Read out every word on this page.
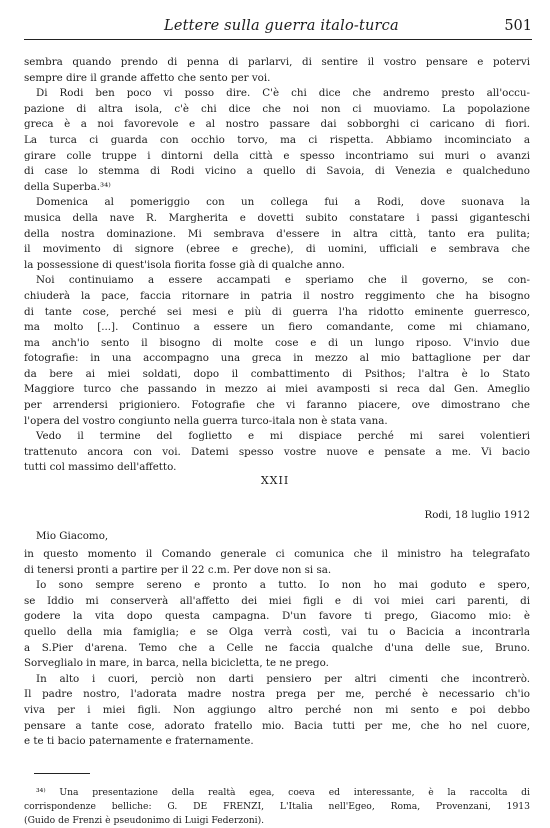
Lettere sulla guerra italo-turca	501
sembra quando prendo di penna di parlarvi, di sentire il vostro pensare e potervi
sempre dire il grande affetto che sento per voi.
Di Rodi ben poco vi posso dire. C'è chi dice che andremo presto all'occu-
pazione di altra isola, c'è chi dice che noi non ci muoviamo. La popolazione
greca è a noi favorevole e al nostro passare dai sobborghi ci caricano di fiori.
La turca ci guarda con occhio torvo, ma ci rispetta. Abbiamo incominciato a
girare colle truppe i dintorni della città e spesso incontriamo sui muri o avanzi
di case lo stemma di Rodi vicino a quello di Savoia, di Venezia e qualcheduno
della Superba.³⁴⁾
Domenica al pomeriggio con un collega fui a Rodi, dove suonava la
musica della nave R. Margherita e dovetti subito constatare i passi giganteschi
della nostra dominazione. Mi sembrava d'essere in altra città, tanto era pulita;
il movimento di signore (ebree e greche), di uomini, ufficiali e sembrava che
la possessione di quest'isola fiorita fosse già di qualche anno.
Noi continuiamo a essere accampati e speriamo che il governo, se con-
chiuderà la pace, faccia ritornare in patria il nostro reggimento che ha bisogno
di tante cose, perché sei mesi e più di guerra l'ha ridotto eminente guerresco,
ma molto [...]. Continuo a essere un fiero comandante, come mi chiamano,
ma anch'io sento il bisogno di molte cose e di un lungo riposo. V'invio due
fotografie: in una accompagno una greca in mezzo al mio battaglione per dar
da bere ai miei soldati, dopo il combattimento di Psithos; l'altra è lo Stato
Maggiore turco che passando in mezzo ai miei avamposti si reca dal Gen. Ameglio
per arrendersi prigioniero. Fotografie che vi faranno piacere, ove dimostrano che
l'opera del vostro congiunto nella guerra turco-itala non è stata vana.
Vedo il termine del foglietto e mi dispiace perché mi sarei volentieri
trattenuto ancora con voi. Datemi spesso vostre nuove e pensate a me. Vi bacio
tutti col massimo dell'affetto.
XXII
Rodi, 18 luglio 1912
Mio Giacomo,
in questo momento il Comando generale ci comunica che il ministro ha telegrafato
di tenersi pronti a partire per il 22 c.m. Per dove non si sa.
Io sono sempre sereno e pronto a tutto. Io non ho mai goduto e spero,
se Iddio mi conserverà all'affetto dei miei figli e di voi miei cari parenti, di
godere la vita dopo questa campagna. D'un favore ti prego, Giacomo mio: è
quello della mia famiglia; e se Olga verrà costì, vai tu o Bacicia a incontrarla
a S.Pier d'arena. Temo che a Celle ne faccia qualche d'una delle sue, Bruno.
Sorveglialo in mare, in barca, nella bicicletta, te ne prego.
In alto i cuori, perciò non darti pensiero per altri cimenti che incontrerò.
Il padre nostro, l'adorata madre nostra prega per me, perché è necessario ch'io
viva per i miei figli. Non aggiungo altro perché non mi sento e poi debbo
pensare a tante cose, adorato fratello mio. Bacia tutti per me, che ho nel cuore,
e te ti bacio paternamente e fraternamente.
³⁴⁾ Una presentazione della realtà egea, coeva ed interessante, è la raccolta di
corrispondenze belliche: G. DE FRENZI, L'Italia nell'Egeo, Roma, Provenzani, 1913
(Guido de Frenzi è pseudonimo di Luigi Federzoni).
